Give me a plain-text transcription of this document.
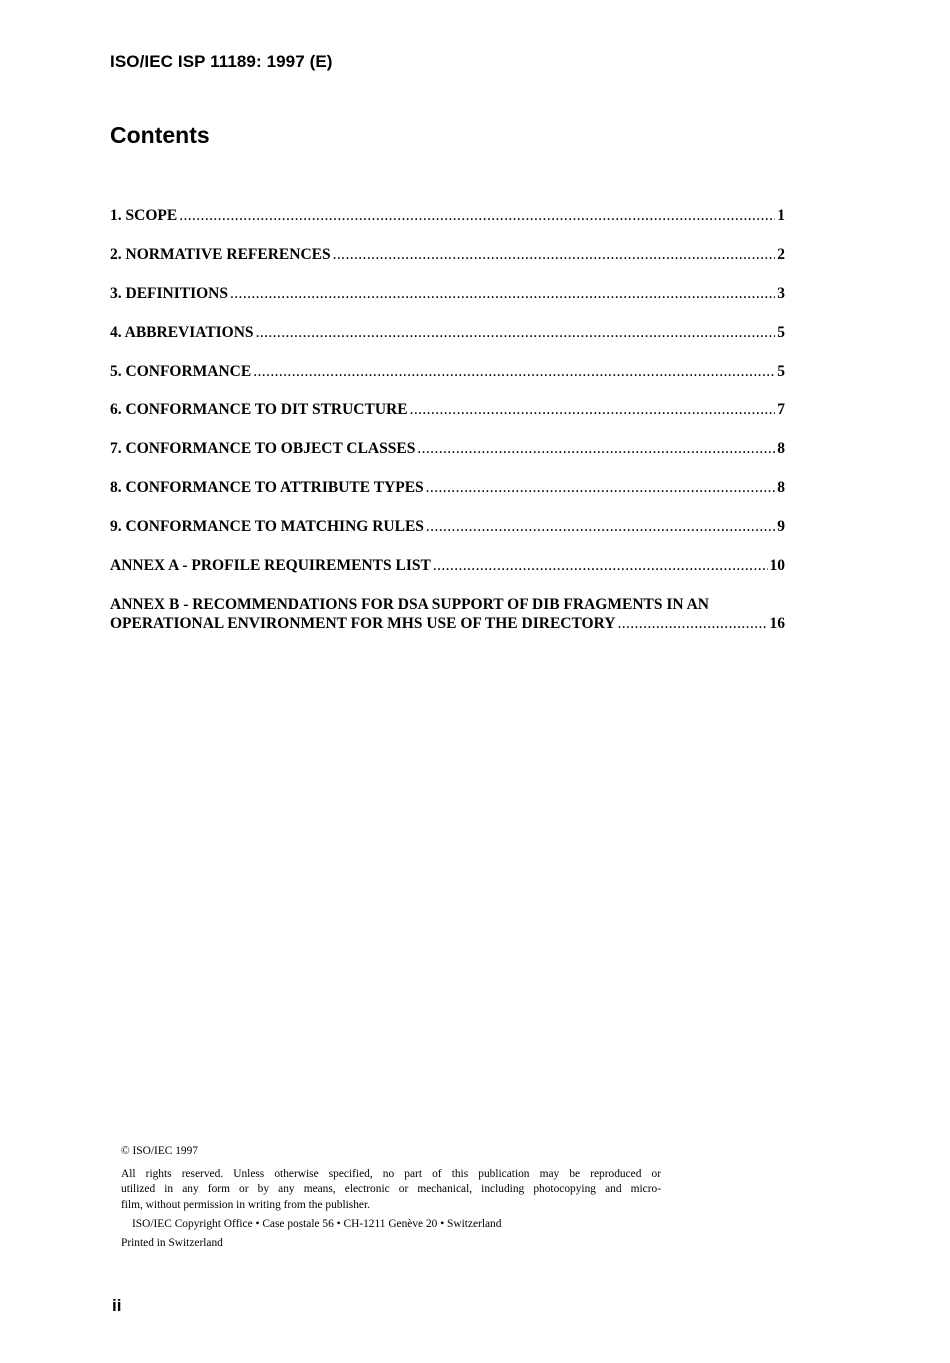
ISO/IEC ISP 11189: 1997 (E)
Contents
1. SCOPE .....	1
2. NORMATIVE REFERENCES .....	2
3. DEFINITIONS .....	3
4. ABBREVIATIONS .....	5
5. CONFORMANCE .....	5
6. CONFORMANCE TO DIT STRUCTURE .....	7
7. CONFORMANCE TO OBJECT CLASSES .....	8
8. CONFORMANCE TO ATTRIBUTE TYPES .....	8
9. CONFORMANCE TO MATCHING RULES .....	9
ANNEX A - PROFILE REQUIREMENTS LIST .....	10
ANNEX B - RECOMMENDATIONS FOR DSA SUPPORT OF DIB FRAGMENTS IN AN
OPERATIONAL ENVIRONMENT FOR MHS USE OF THE DIRECTORY .....	16
© ISO/IEC 1997
All rights reserved. Unless otherwise specified, no part of this publication may be reproduced or
utilized in any form or by any means, electronic or mechanical, including photocopying and micro-
film, without permission in writing from the publisher.
ISO/IEC Copyright Office • Case postale 56 • CH-1211 Genève 20 • Switzerland
Printed in Switzerland
ii
